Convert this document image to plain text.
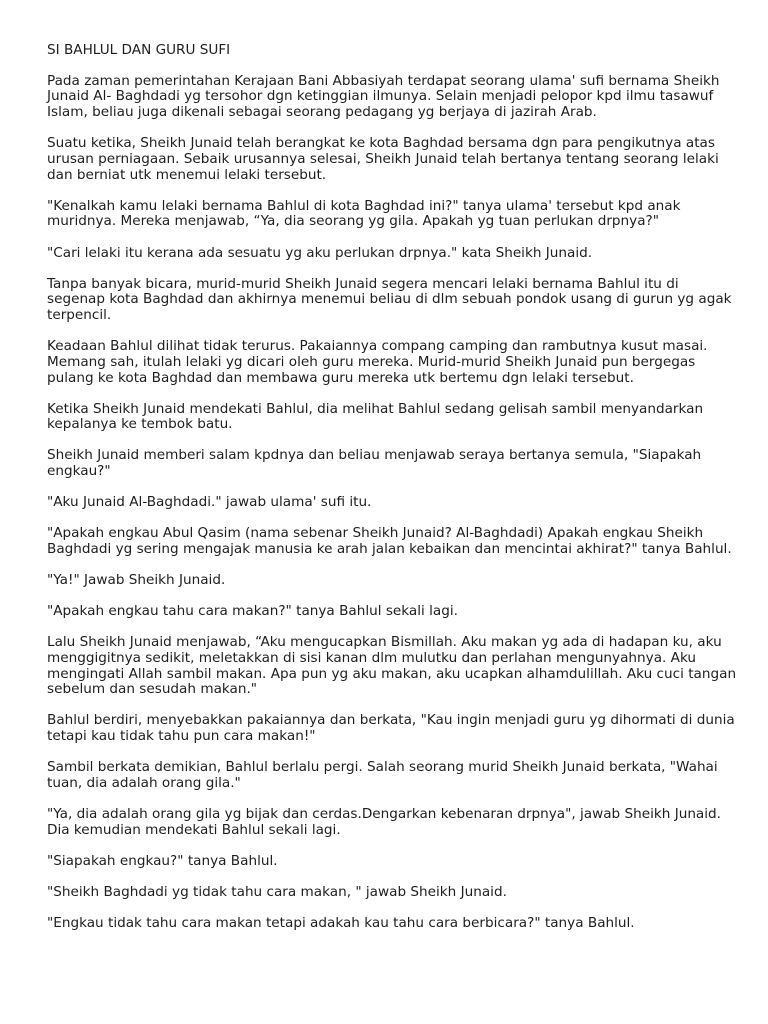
SI BAHLUL DAN GURU SUFI

Pada zaman pemerintahan Kerajaan Bani Abbasiyah terdapat seorang ulama' sufi bernama Sheikh Junaid Al- Baghdadi yg tersohor dgn ketinggian ilmunya. Selain menjadi pelopor kpd ilmu tasawuf Islam, beliau juga dikenali sebagai seorang pedagang yg berjaya di jazirah Arab.

Suatu ketika, Sheikh Junaid telah berangkat ke kota Baghdad bersama dgn para pengikutnya atas urusan perniagaan. Sebaik urusannya selesai, Sheikh Junaid telah bertanya tentang seorang lelaki dan berniat utk menemui lelaki tersebut.

"Kenalkah kamu lelaki bernama Bahlul di kota Baghdad ini?" tanya ulama' tersebut kpd anak muridnya. Mereka menjawab, “Ya, dia seorang yg gila. Apakah yg tuan perlukan drpnya?"

"Cari lelaki itu kerana ada sesuatu yg aku perlukan drpnya." kata Sheikh Junaid.

Tanpa banyak bicara, murid-murid Sheikh Junaid segera mencari lelaki bernama Bahlul itu di segenap kota Baghdad dan akhirnya menemui beliau di dlm sebuah pondok usang di gurun yg agak terpencil.

Keadaan Bahlul dilihat tidak terurus. Pakaiannya compang camping dan rambutnya kusut masai. Memang sah, itulah lelaki yg dicari oleh guru mereka. Murid-murid Sheikh Junaid pun bergegas pulang ke kota Baghdad dan membawa guru mereka utk bertemu dgn lelaki tersebut.

Ketika Sheikh Junaid mendekati Bahlul, dia melihat Bahlul sedang gelisah sambil menyandarkan kepalanya ke tembok batu.

Sheikh Junaid memberi salam kpdnya dan beliau menjawab seraya bertanya semula, "Siapakah engkau?"

"Aku Junaid Al-Baghdadi." jawab ulama' sufi itu.

"Apakah engkau Abul Qasim (nama sebenar Sheikh Junaid? Al-Baghdadi) Apakah engkau Sheikh Baghdadi yg sering mengajak manusia ke arah jalan kebaikan dan mencintai akhirat?" tanya Bahlul.

"Ya!" Jawab Sheikh Junaid.

"Apakah engkau tahu cara makan?" tanya Bahlul sekali lagi.

Lalu Sheikh Junaid menjawab, “Aku mengucapkan Bismillah. Aku makan yg ada di hadapan ku, aku menggigitnya sedikit, meletakkan di sisi kanan dlm mulutku dan perlahan mengunyahnya. Aku mengingati Allah sambil makan. Apa pun yg aku makan, aku ucapkan alhamdulillah. Aku cuci tangan sebelum dan sesudah makan."

Bahlul berdiri, menyebakkan pakaiannya dan berkata, "Kau ingin menjadi guru yg dihormati di dunia tetapi kau tidak tahu pun cara makan!"

Sambil berkata demikian, Bahlul berlalu pergi. Salah seorang murid Sheikh Junaid berkata, "Wahai tuan, dia adalah orang gila."

"Ya, dia adalah orang gila yg bijak dan cerdas.Dengarkan kebenaran drpnya", jawab Sheikh Junaid. Dia kemudian mendekati Bahlul sekali lagi.

"Siapakah engkau?" tanya Bahlul.

"Sheikh Baghdadi yg tidak tahu cara makan, " jawab Sheikh Junaid.

"Engkau tidak tahu cara makan tetapi adakah kau tahu cara berbicara?" tanya Bahlul.
